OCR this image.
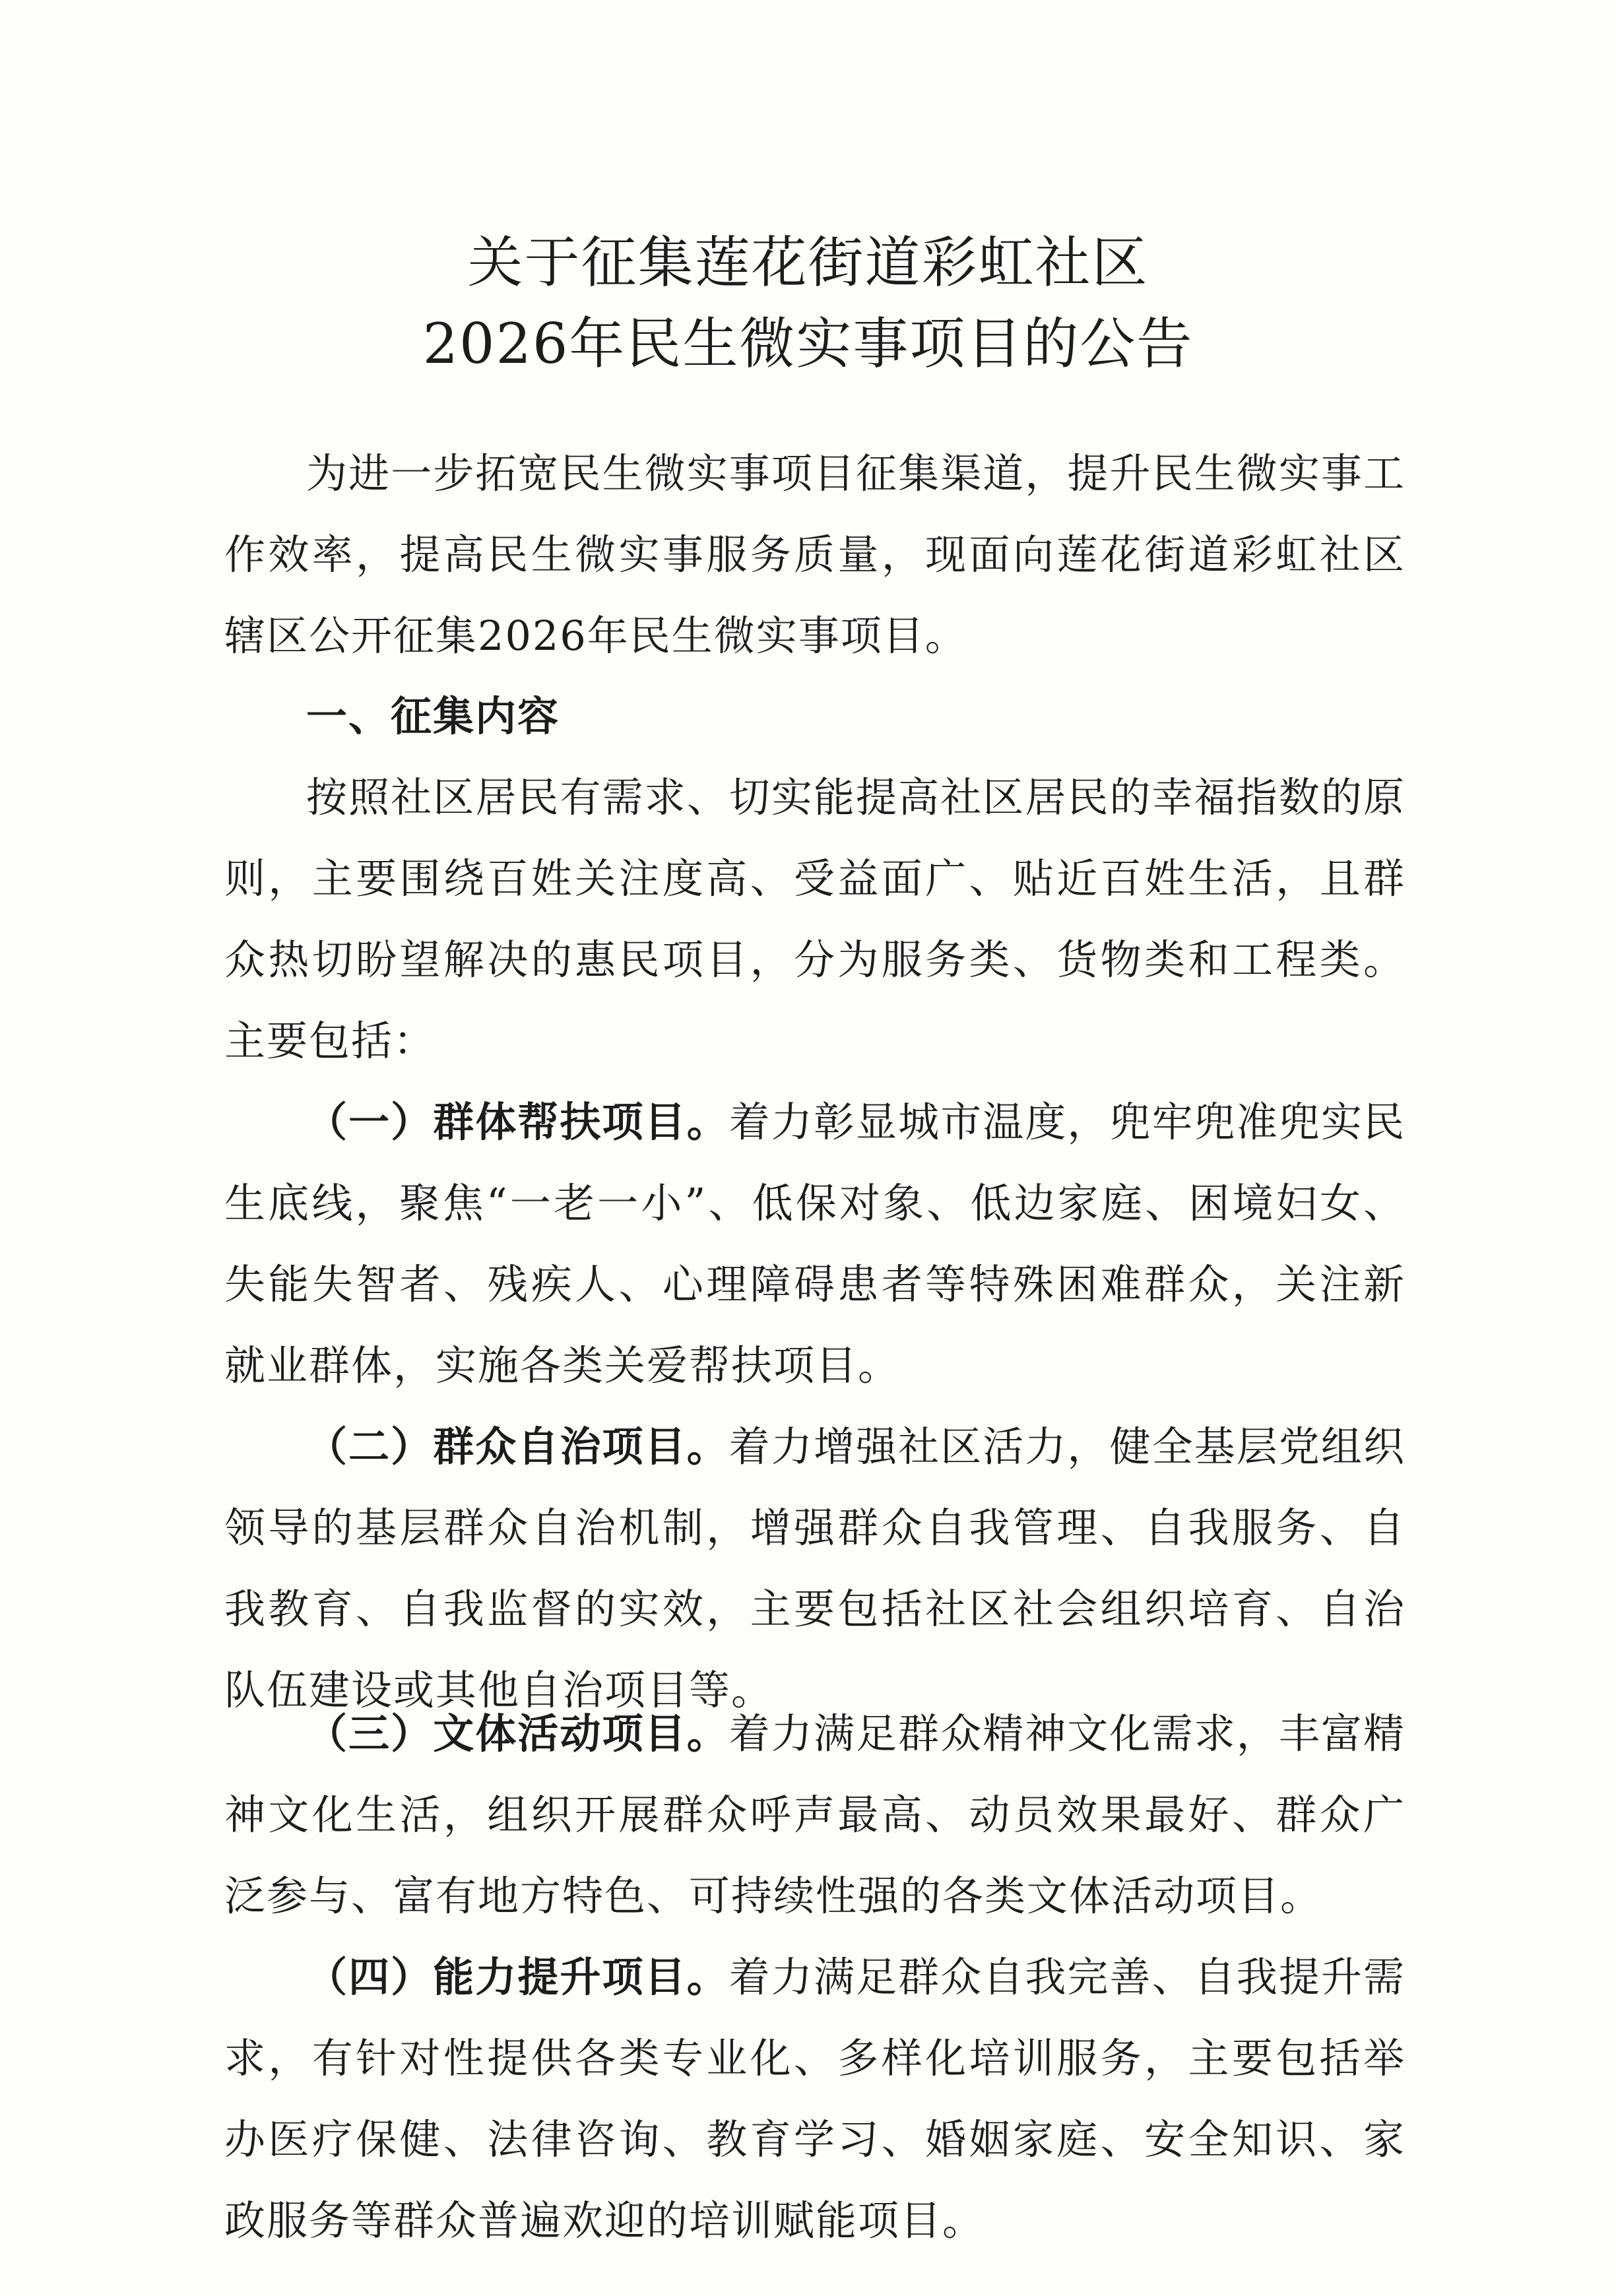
关于征集莲花街道彩虹社区
2026年民生微实事项目的公告

为进一步拓宽民生微实事项目征集渠道，提升民生微实事工作效率，提高民生微实事服务质量，现面向莲花街道彩虹社区辖区公开征集2026年民生微实事项目。

一、征集内容

按照社区居民有需求、切实能提高社区居民的幸福指数的原则，主要围绕百姓关注度高、受益面广、贴近百姓生活，且群众热切盼望解决的惠民项目，分为服务类、货物类和工程类。主要包括：

（一）群体帮扶项目。着力彰显城市温度，兜牢兜准兜实民生底线，聚焦“一老一小”、低保对象、低边家庭、困境妇女、失能失智者、残疾人、心理障碍患者等特殊困难群众，关注新就业群体，实施各类关爱帮扶项目。

（二）群众自治项目。着力增强社区活力，健全基层党组织领导的基层群众自治机制，增强群众自我管理、自我服务、自我教育、自我监督的实效，主要包括社区社会组织培育、自治队伍建设或其他自治项目等。

（三）文体活动项目。着力满足群众精神文化需求，丰富精神文化生活，组织开展群众呼声最高、动员效果最好、群众广泛参与、富有地方特色、可持续性强的各类文体活动项目。

（四）能力提升项目。着力满足群众自我完善、自我提升需求，有针对性提供各类专业化、多样化培训服务，主要包括举办医疗保健、法律咨询、教育学习、婚姻家庭、安全知识、家政服务等群众普遍欢迎的培训赋能项目。
